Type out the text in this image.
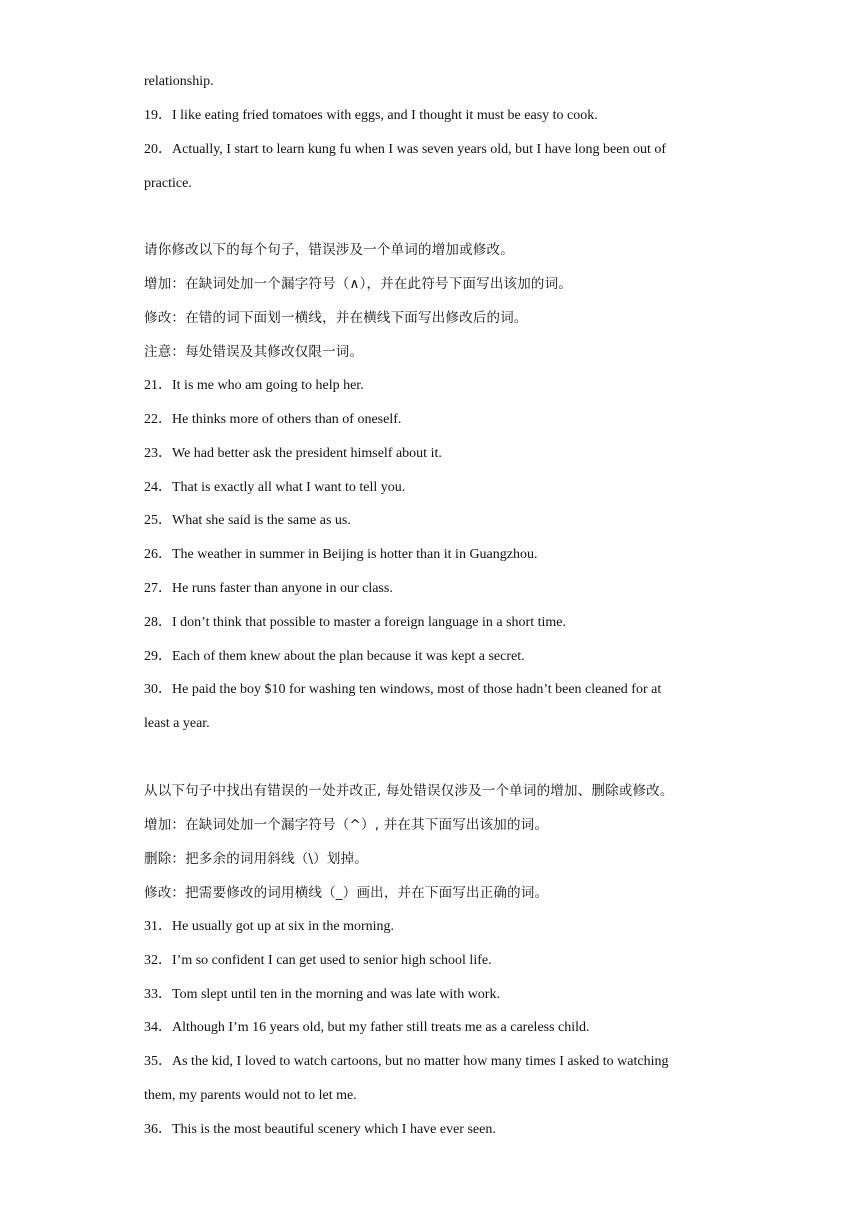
relationship.
19．I like eating fried tomatoes with eggs, and I thought it must be easy to cook.
20．Actually, I start to learn kung fu when I was seven years old, but I have long been out of
practice.
请你修改以下的每个句子，错误涉及一个单词的增加或修改。
增加：在缺词处加一个漏字符号（∧），并在此符号下面写出该加的词。
修改：在错的词下面划一横线，并在横线下面写出修改后的词。
注意：每处错误及其修改仅限一词。
21．It is me who am going to help her.
22．He thinks more of others than of oneself.
23．We had better ask the president himself about it.
24．That is exactly all what I want to tell you.
25．What she said is the same as us.
26．The weather in summer in Beijing is hotter than it in Guangzhou.
27．He runs faster than anyone in our class.
28．I don’t think that possible to master a foreign language in a short time.
29．Each of them knew about the plan because it was kept a secret.
30．He paid the boy $10 for washing ten windows, most of those hadn’t been cleaned for at
least a year.
从以下句子中找出有错误的一处并改正, 每处错误仅涉及一个单词的增加、删除或修改。
增加：在缺词处加一个漏字符号（^）, 并在其下面写出该加的词。
删除：把多余的词用斜线（\）划掉。
修改：把需要修改的词用横线（_）画出，并在下面写出正确的词。
31．He usually got up at six in the morning.
32．I’m so confident I can get used to senior high school life.
33．Tom slept until ten in the morning and was late with work.
34．Although I’m 16 years old, but my father still treats me as a careless child.
35．As the kid, I loved to watch cartoons, but no matter how many times I asked to watching
them, my parents would not to let me.
36．This is the most beautiful scenery which I have ever seen.
